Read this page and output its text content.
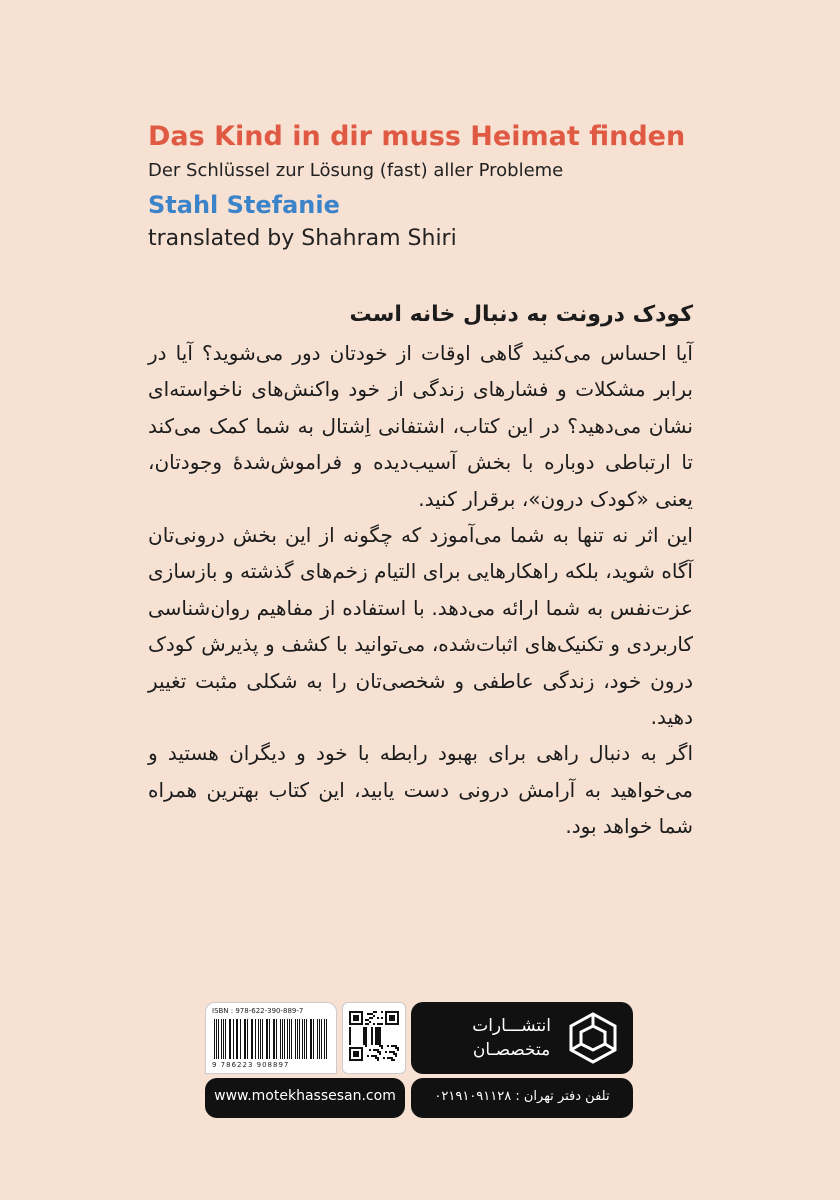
Das Kind in dir muss Heimat finden

Der Schlüssel zur Lösung (fast) aller Probleme

Stahl Stefanie

translated by Shahram Shiri

کودک درونت به دنبال خانه است

آیا احساس می‌کنید گاهی اوقات از خودتان دور می‌شوید؟ آیا در برابر مشکلات و فشارهای زندگی از خود واکنش‌های ناخواسته‌ای نشان می‌دهید؟ در این کتاب، اشتفانی اِشتال به شما کمک می‌کند تا ارتباطی دوباره با بخش آسیب‌دیده و فراموش‌شدهٔ وجودتان، یعنی «کودک درون»، برقرار کنید.

این اثر نه تنها به شما می‌آموزد که چگونه از این بخش درونی‌تان آگاه شوید، بلکه راهکارهایی برای التیام زخم‌های گذشته و بازسازی عزت‌نفس به شما ارائه می‌دهد. با استفاده از مفاهیم روان‌شناسی کاربردی و تکنیک‌های اثبات‌شده، می‌توانید با کشف و پذیرش کودک درون خود، زندگی عاطفی و شخصی‌تان را به شکلی مثبت تغییر دهید.

اگر به دنبال راهی برای بهبود رابطه با خود و دیگران هستید و می‌خواهید به آرامش درونی دست یابید، این کتاب بهترین همراه شما خواهد بود.

ISBN : 978-622-390-889-7
9 786223 908897
انتشـــارات
متخصصـان
www.motekhassesan.com	تلفن دفتر تهران : ۰۲۱۹۱۰۹۱۱۲۸
